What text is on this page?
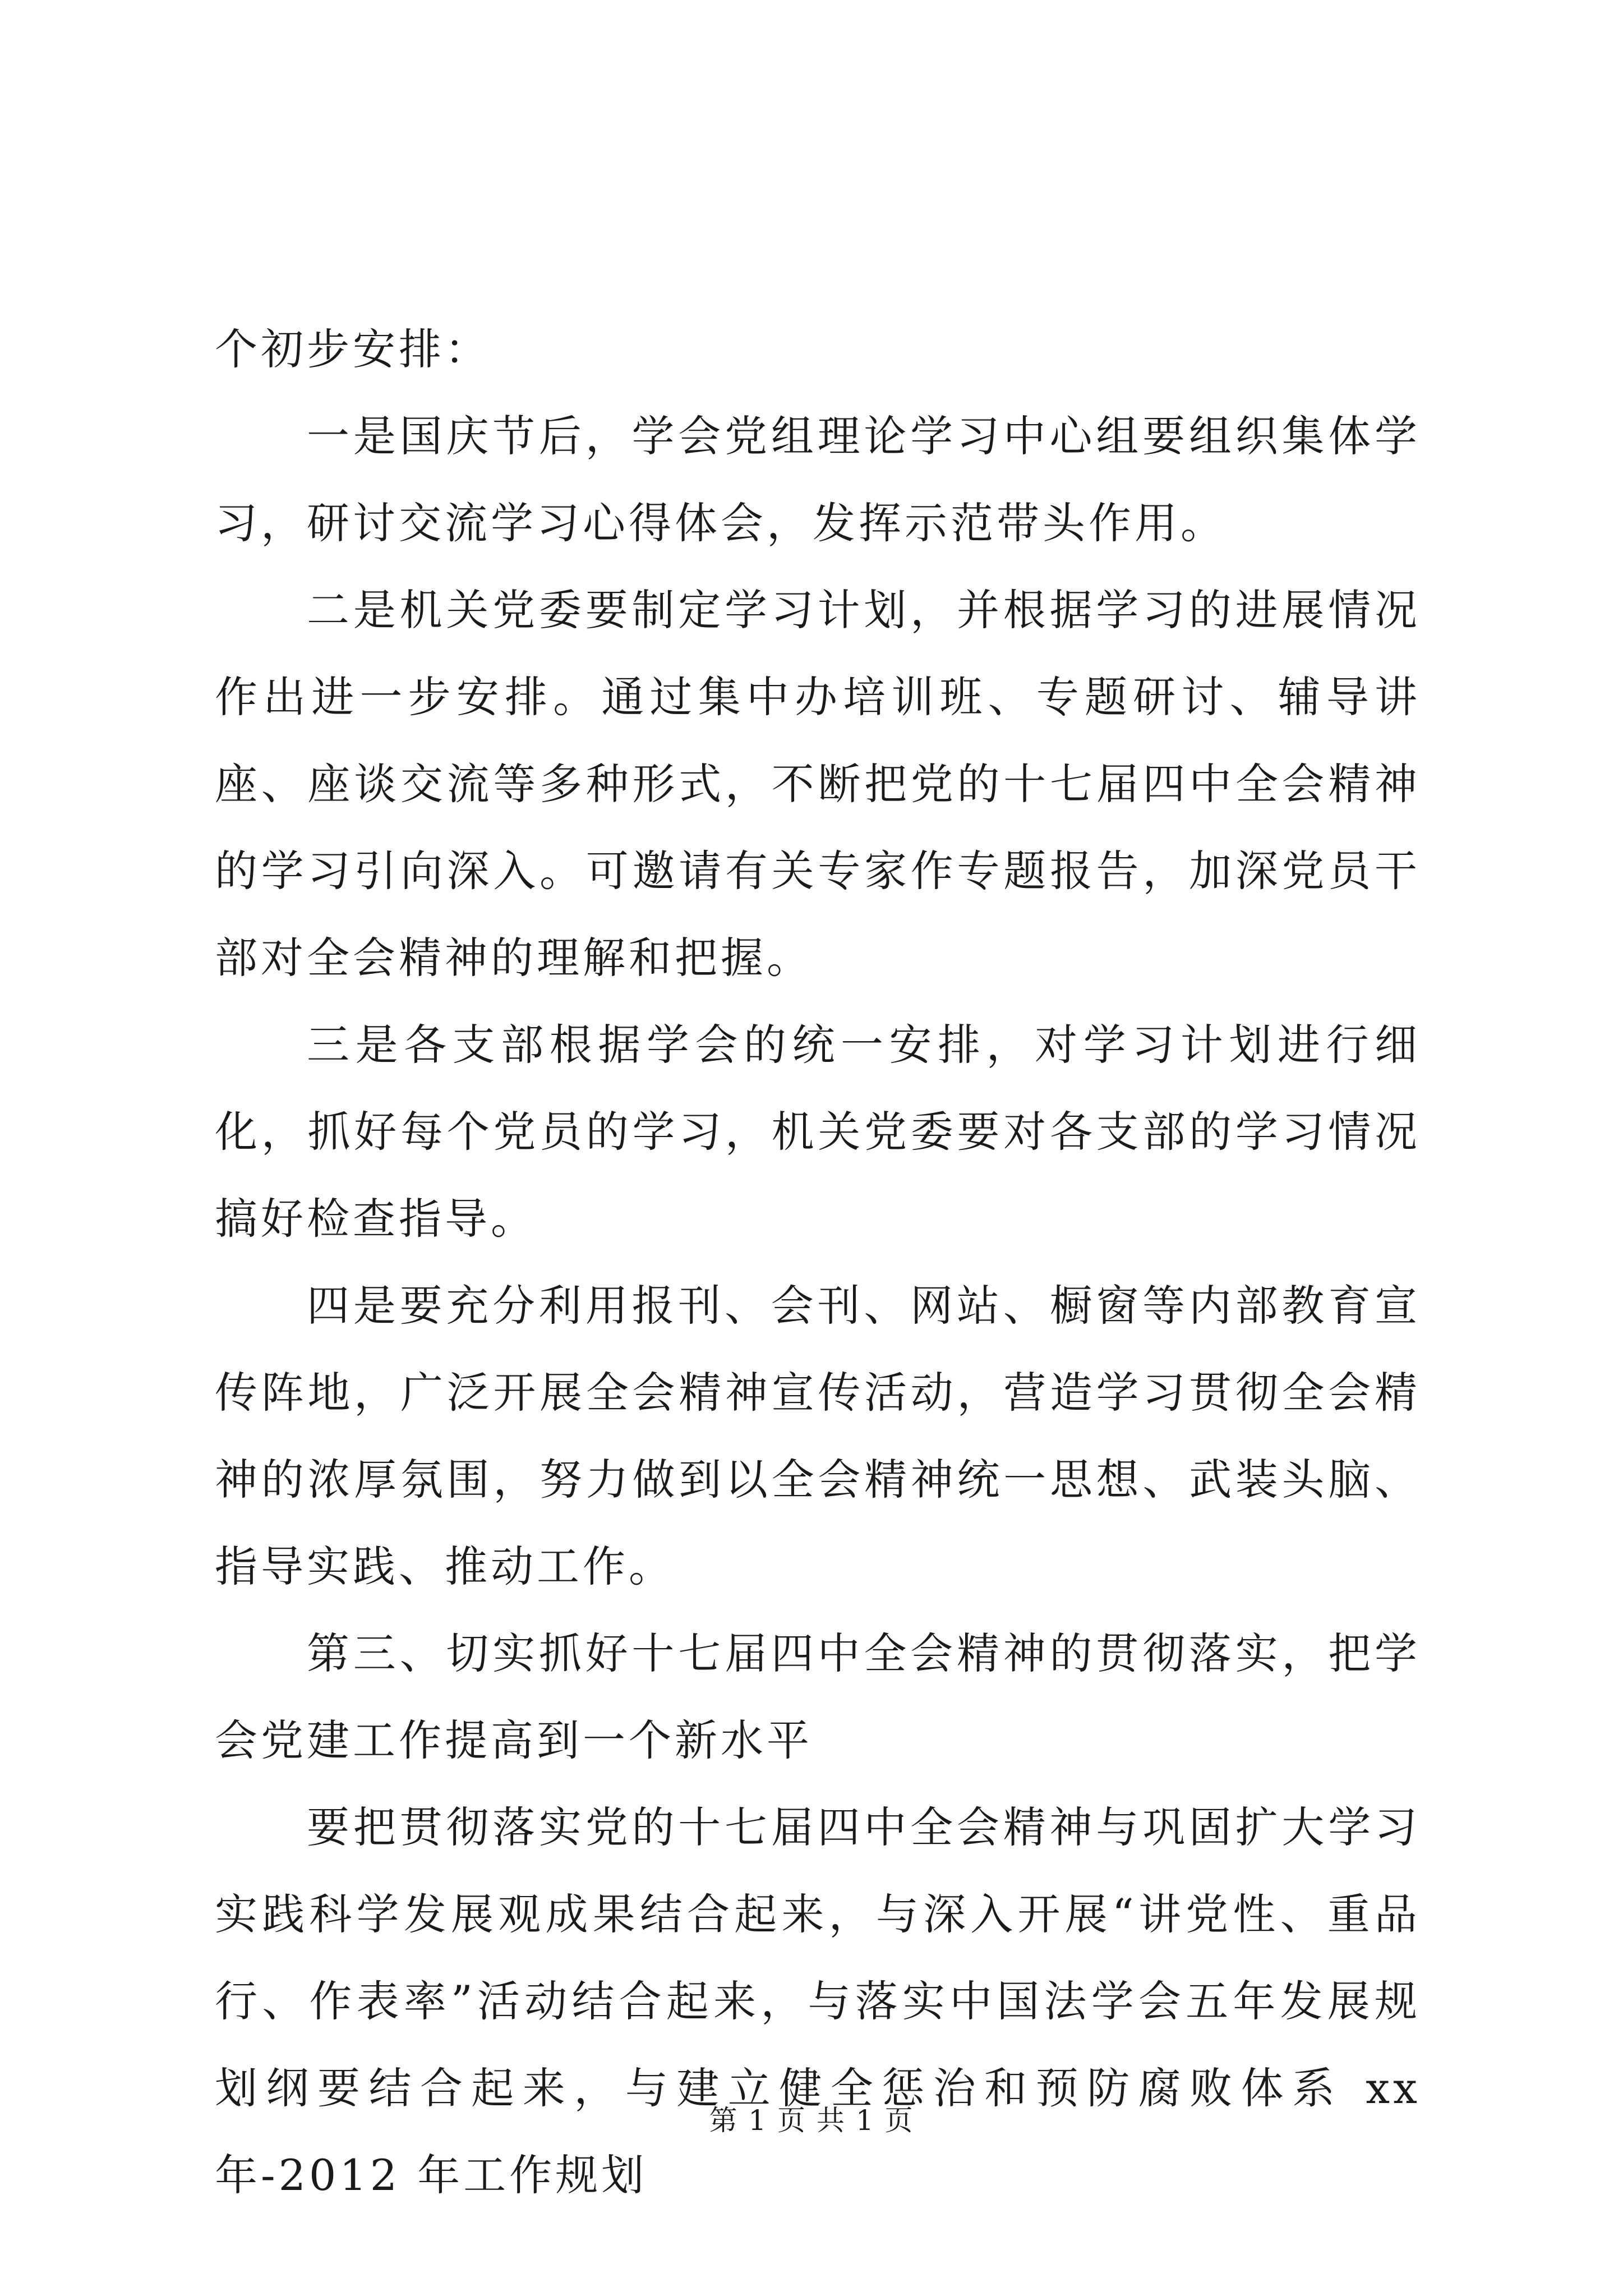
个初步安排：

一是国庆节后，学会党组理论学习中心组要组织集体学习，研讨交流学习心得体会，发挥示范带头作用。

二是机关党委要制定学习计划，并根据学习的进展情况作出进一步安排。通过集中办培训班、专题研讨、辅导讲座、座谈交流等多种形式，不断把党的十七届四中全会精神的学习引向深入。可邀请有关专家作专题报告，加深党员干部对全会精神的理解和把握。

三是各支部根据学会的统一安排，对学习计划进行细化，抓好每个党员的学习，机关党委要对各支部的学习情况搞好检查指导。

四是要充分利用报刊、会刊、网站、橱窗等内部教育宣传阵地，广泛开展全会精神宣传活动，营造学习贯彻全会精神的浓厚氛围，努力做到以全会精神统一思想、武装头脑、指导实践、推动工作。

第三、切实抓好十七届四中全会精神的贯彻落实，把学会党建工作提高到一个新水平

要把贯彻落实党的十七届四中全会精神与巩固扩大学习实践科学发展观成果结合起来，与深入开展“讲党性、重品行、作表率”活动结合起来，与落实中国法学会五年发展规划纲要结合起来，与建立健全惩治和预防腐败体系 xx 年-2012 年工作规划

第 1 页 共 1 页
